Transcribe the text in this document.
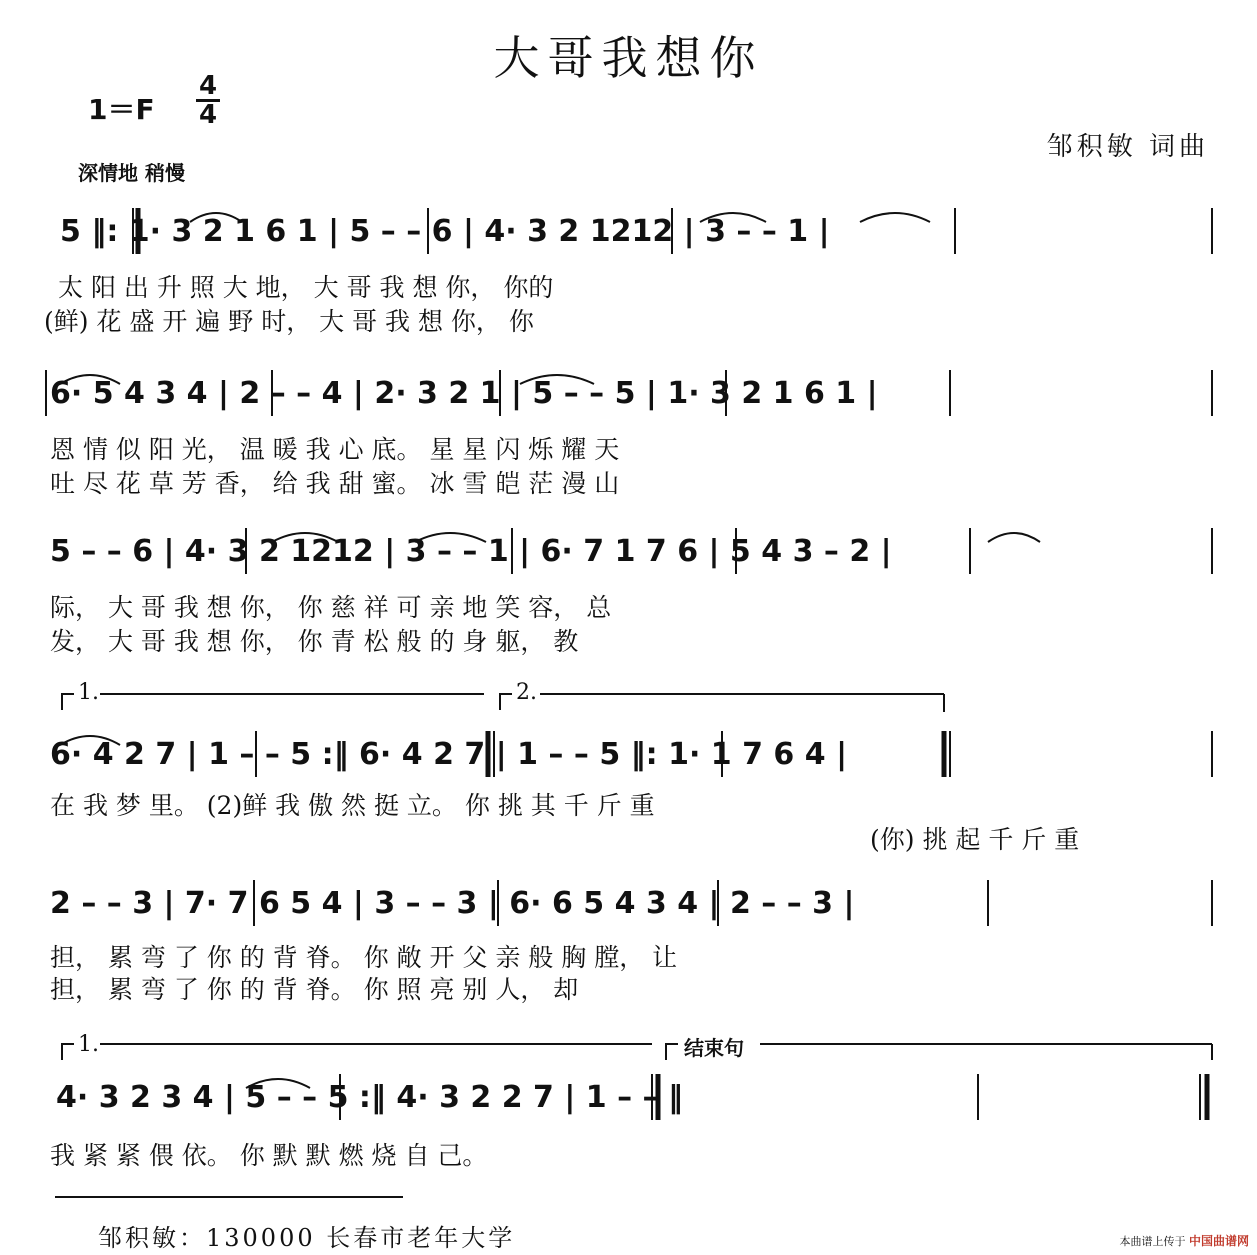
大哥我想你
1＝F
4
4
邹积敏 词曲
深情地 稍慢
5 ‖: 1· 3 2 1 6 1 | 5 – – 6 | 4· 3 2 1212 | 3 – – 1 |
太 阳 出 升 照 大 地， 大 哥 我 想 你， 你的
(鲜) 花 盛 开 遍 野 时， 大 哥 我 想 你， 你
6· 5 4 3 4 | 2 – – 4 | 2· 3 2 1 | 5 – – 5 | 1· 3 2 1 6 1 |
恩 情 似 阳 光， 温 暖 我 心 底。 星 星 闪 烁 耀 天
吐 尽 花 草 芳 香， 给 我 甜 蜜。 冰 雪 皑 茫 漫 山
5 – – 6 | 4· 3 2 1212 | 3 – – 1 | 6· 7 1 7 6 | 5 4 3 – 2 |
际， 大 哥 我 想 你， 你 慈 祥 可 亲 地 笑 容， 总
发， 大 哥 我 想 你， 你 青 松 般 的 身 躯， 教
1.	2.
6· 4 2 7 | 1 – – 5 :‖ 6· 4 2 7 | 1 – – 5 ‖: 1· 1 7 6 4 |
在 我 梦 里。 (2)鲜 我 傲 然 挺 立。 你 挑 其 千 斤 重
(你) 挑 起 千 斤 重
2 – – 3 | 7· 7 6 5 4 | 3 – – 3 | 6· 6 5 4 3 4 | 2 – – 3 |
担， 累 弯 了 你 的 背 脊。 你 敞 开 父 亲 般 胸 膛， 让
担， 累 弯 了 你 的 背 脊。 你 照 亮 别 人， 却
1.	结束句
4· 3 2 3 4 | 5 – – 5 :‖ 4· 3 2 2 7 | 1 – – ‖
我 紧 紧 偎 依。 你 默 默 燃 烧 自 己。
邹积敏：130000 长春市老年大学	本曲谱上传于 中国曲谱网
